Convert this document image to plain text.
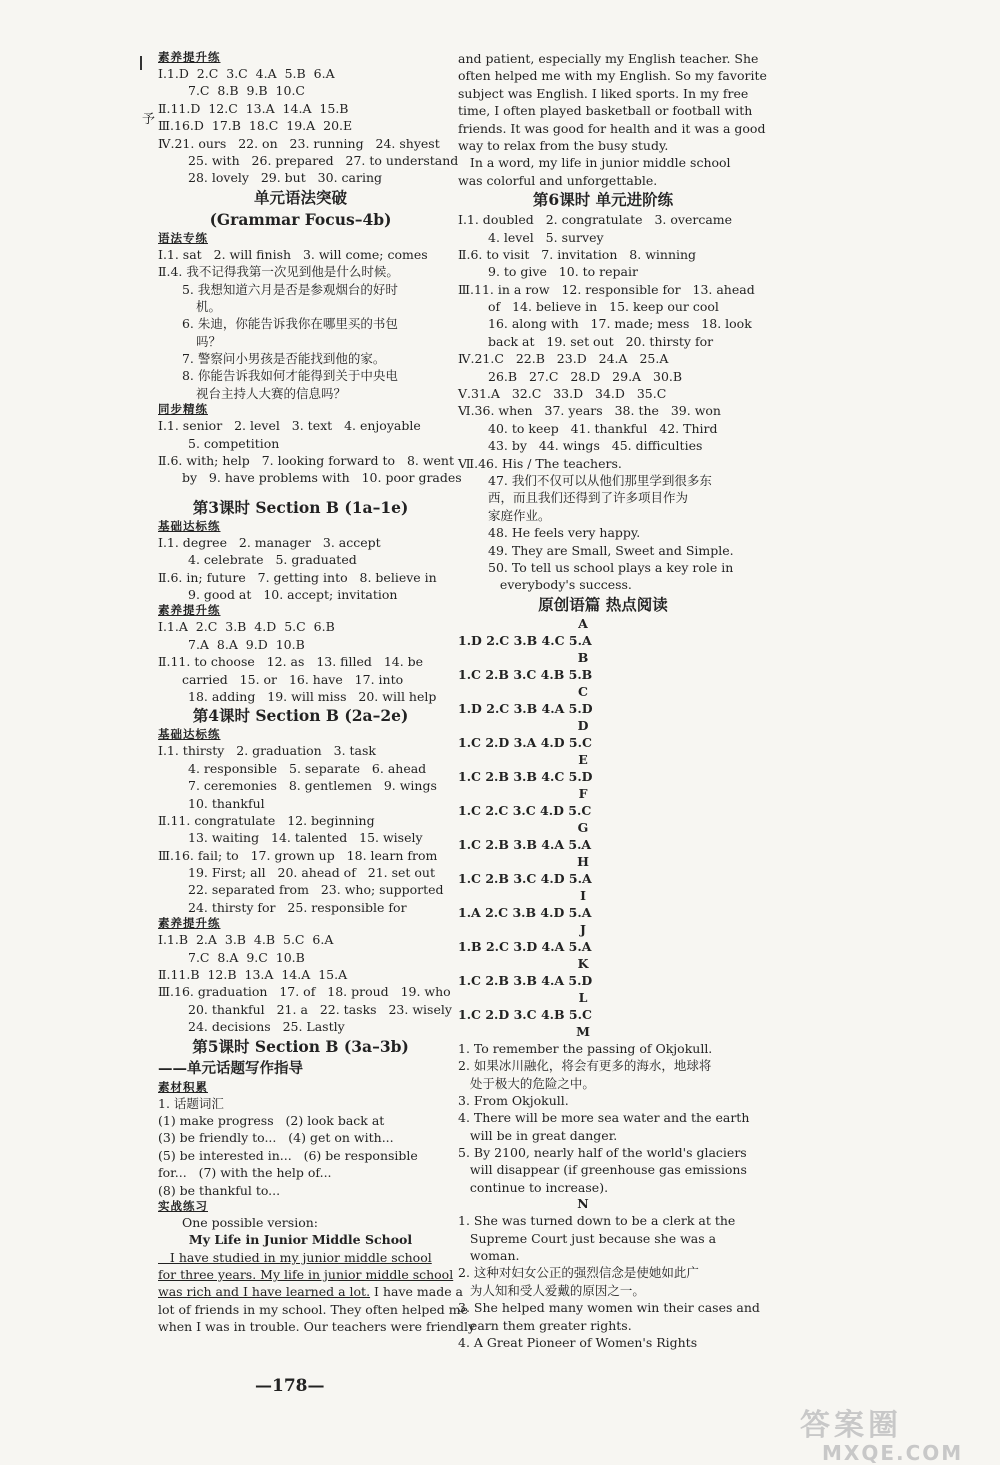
予
素养提升练
Ⅰ.1.D  2.C  3.C  4.A  5.B  6.A
7.C  8.B  9.B  10.C
Ⅱ.11.D  12.C  13.A  14.A  15.B
Ⅲ.16.D  17.B  18.C  19.A  20.E
Ⅳ.21. ours   22. on   23. running   24. shyest
25. with   26. prepared   27. to understand
28. lovely   29. but   30. caring
单元语法突破
(Grammar Focus–4b)
语法专练
Ⅰ.1. sat   2. will finish   3. will come; comes
Ⅱ.4. 我不记得我第一次见到他是什么时候。
5. 我想知道六月是否是参观烟台的好时
机。
6. 朱迪，你能告诉我你在哪里买的书包
吗？
7. 警察问小男孩是否能找到他的家。
8. 你能告诉我如何才能得到关于中央电
视台主持人大赛的信息吗？
同步精练
Ⅰ.1. senior   2. level   3. text   4. enjoyable
5. competition
Ⅱ.6. with; help   7. looking forward to   8. went
by   9. have problems with   10. poor grades
第3课时 Section B (1a–1e)
基础达标练
Ⅰ.1. degree   2. manager   3. accept
4. celebrate   5. graduated
Ⅱ.6. in; future   7. getting into   8. believe in
9. good at   10. accept; invitation
素养提升练
Ⅰ.1.A  2.C  3.B  4.D  5.C  6.B
7.A  8.A  9.D  10.B
Ⅱ.11. to choose   12. as   13. filled   14. be
carried   15. or   16. have   17. into
18. adding   19. will miss   20. will help
第4课时 Section B (2a–2e)
基础达标练
Ⅰ.1. thirsty   2. graduation   3. task
4. responsible   5. separate   6. ahead
7. ceremonies   8. gentlemen   9. wings
10. thankful
Ⅱ.11. congratulate   12. beginning
13. waiting   14. talented   15. wisely
Ⅲ.16. fail; to   17. grown up   18. learn from
19. First; all   20. ahead of   21. set out
22. separated from   23. who; supported
24. thirsty for   25. responsible for
素养提升练
Ⅰ.1.B  2.A  3.B  4.B  5.C  6.A
7.C  8.A  9.C  10.B
Ⅱ.11.B  12.B  13.A  14.A  15.A
Ⅲ.16. graduation   17. of   18. proud   19. who
20. thankful   21. a   22. tasks   23. wisely
24. decisions   25. Lastly
第5课时 Section B (3a–3b)
——单元话题写作指导
素材积累
1. 话题词汇
(1) make progress   (2) look back at
(3) be friendly to...   (4) get on with...
(5) be interested in...   (6) be responsible
for...   (7) with the help of...
(8) be thankful to...
实战练习
One possible version:
My Life in Junior Middle School
I have studied in my junior middle school
for three years. My life in junior middle school
was rich and I have learned a lot. I have made a
lot of friends in my school. They often helped me
when I was in trouble. Our teachers were friendly
and patient, especially my English teacher. She
often helped me with my English. So my favorite
subject was English. I liked sports. In my free
time, I often played basketball or football with
friends. It was good for health and it was a good
way to relax from the busy study.
In a word, my life in junior middle school
was colorful and unforgettable.
第6课时 单元进阶练
Ⅰ.1. doubled   2. congratulate   3. overcame
4. level   5. survey
Ⅱ.6. to visit   7. invitation   8. winning
9. to give   10. to repair
Ⅲ.11. in a row   12. responsible for   13. ahead
of   14. believe in   15. keep our cool
16. along with   17. made; mess   18. look
back at   19. set out   20. thirsty for
Ⅳ.21.C   22.B   23.D   24.A   25.A
26.B   27.C   28.D   29.A   30.B
Ⅴ.31.A   32.C   33.D   34.D   35.C
Ⅵ.36. when   37. years   38. the   39. won
40. to keep   41. thankful   42. Third
43. by   44. wings   45. difficulties
Ⅶ.46. His / The teachers.
47. 我们不仅可以从他们那里学到很多东
西，而且我们还得到了许多项目作为
家庭作业。
48. He feels very happy.
49. They are Small, Sweet and Simple.
50. To tell us school plays a key role in
everybody's success.
原创语篇 热点阅读
A
1.D 2.C 3.B 4.C 5.A
B
1.C 2.B 3.C 4.B 5.B
C
1.D 2.C 3.B 4.A 5.D
D
1.C 2.D 3.A 4.D 5.C
E
1.C 2.B 3.B 4.C 5.D
F
1.C 2.C 3.C 4.D 5.C
G
1.C 2.B 3.B 4.A 5.A
H
1.C 2.B 3.C 4.D 5.A
I
1.A 2.C 3.B 4.D 5.A
J
1.B 2.C 3.D 4.A 5.A
K
1.C 2.B 3.B 4.A 5.D
L
1.C 2.D 3.C 4.B 5.C
M
1. To remember the passing of Okjokull.
2. 如果冰川融化，将会有更多的海水，地球将
处于极大的危险之中。
3. From Okjokull.
4. There will be more sea water and the earth
will be in great danger.
5. By 2100, nearly half of the world's glaciers
will disappear (if greenhouse gas emissions
continue to increase).
N
1. She was turned down to be a clerk at the
Supreme Court just because she was a
woman.
2. 这种对妇女公正的强烈信念是使她如此广
为人知和受人爱戴的原因之一。
3. She helped many women win their cases and
earn them greater rights.
4. A Great Pioneer of Women's Rights
—178—
答案圈
MXQE.COM
